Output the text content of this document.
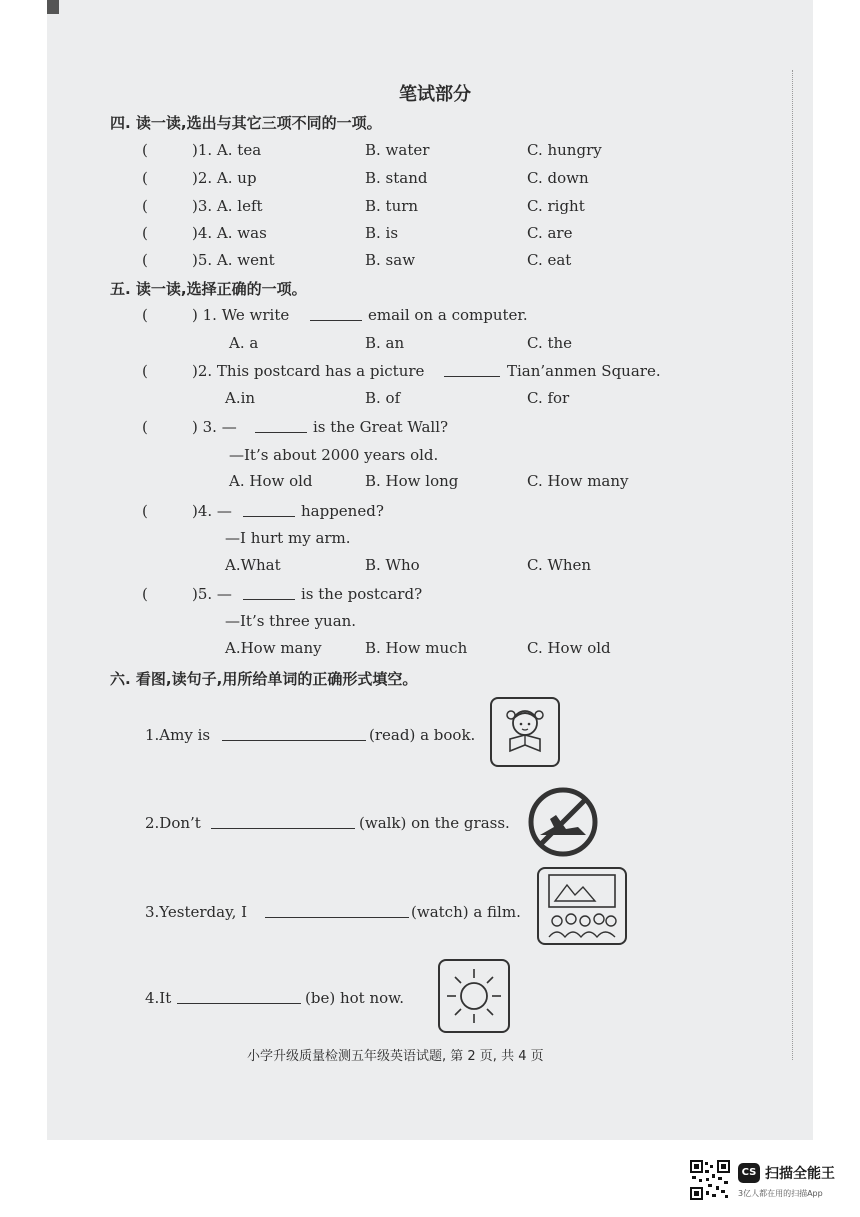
笔试部分
四. 读一读,选出与其它三项不同的一项。
(	)1. A. tea	B. water	C. hungry
(	)2. A. up	B. stand	C. down
(	)3. A. left	B. turn	C. right
(	)4. A. was	B. is	C. are
(	)5. A. went	B. saw	C. eat
五. 读一读,选择正确的一项。
(	) 1. We write	email on a computer.
A. a	B. an	C. the
(	)2. This postcard has a picture	Tian’anmen Square.
A.in	B. of	C. for
(	) 3. —	is the Great Wall?
—It’s about 2000 years old.
A. How old	B. How long	C. How many
(	)4. —	happened?
—I hurt my arm.
A.What	B. Who	C. When
(	)5. —	is the postcard?
—It’s three yuan.
A.How many	B. How much	C. How old
六. 看图,读句子,用所给单词的正确形式填空。
1.Amy is	(read) a book.
2.Don’t	(walk) on the grass.
3.Yesterday, I	(watch) a film.
4.It	(be) hot now.
小学升级质量检测五年级英语试题, 第 2 页, 共 4 页
CS 扫描全能王
3亿人都在用的扫描App
